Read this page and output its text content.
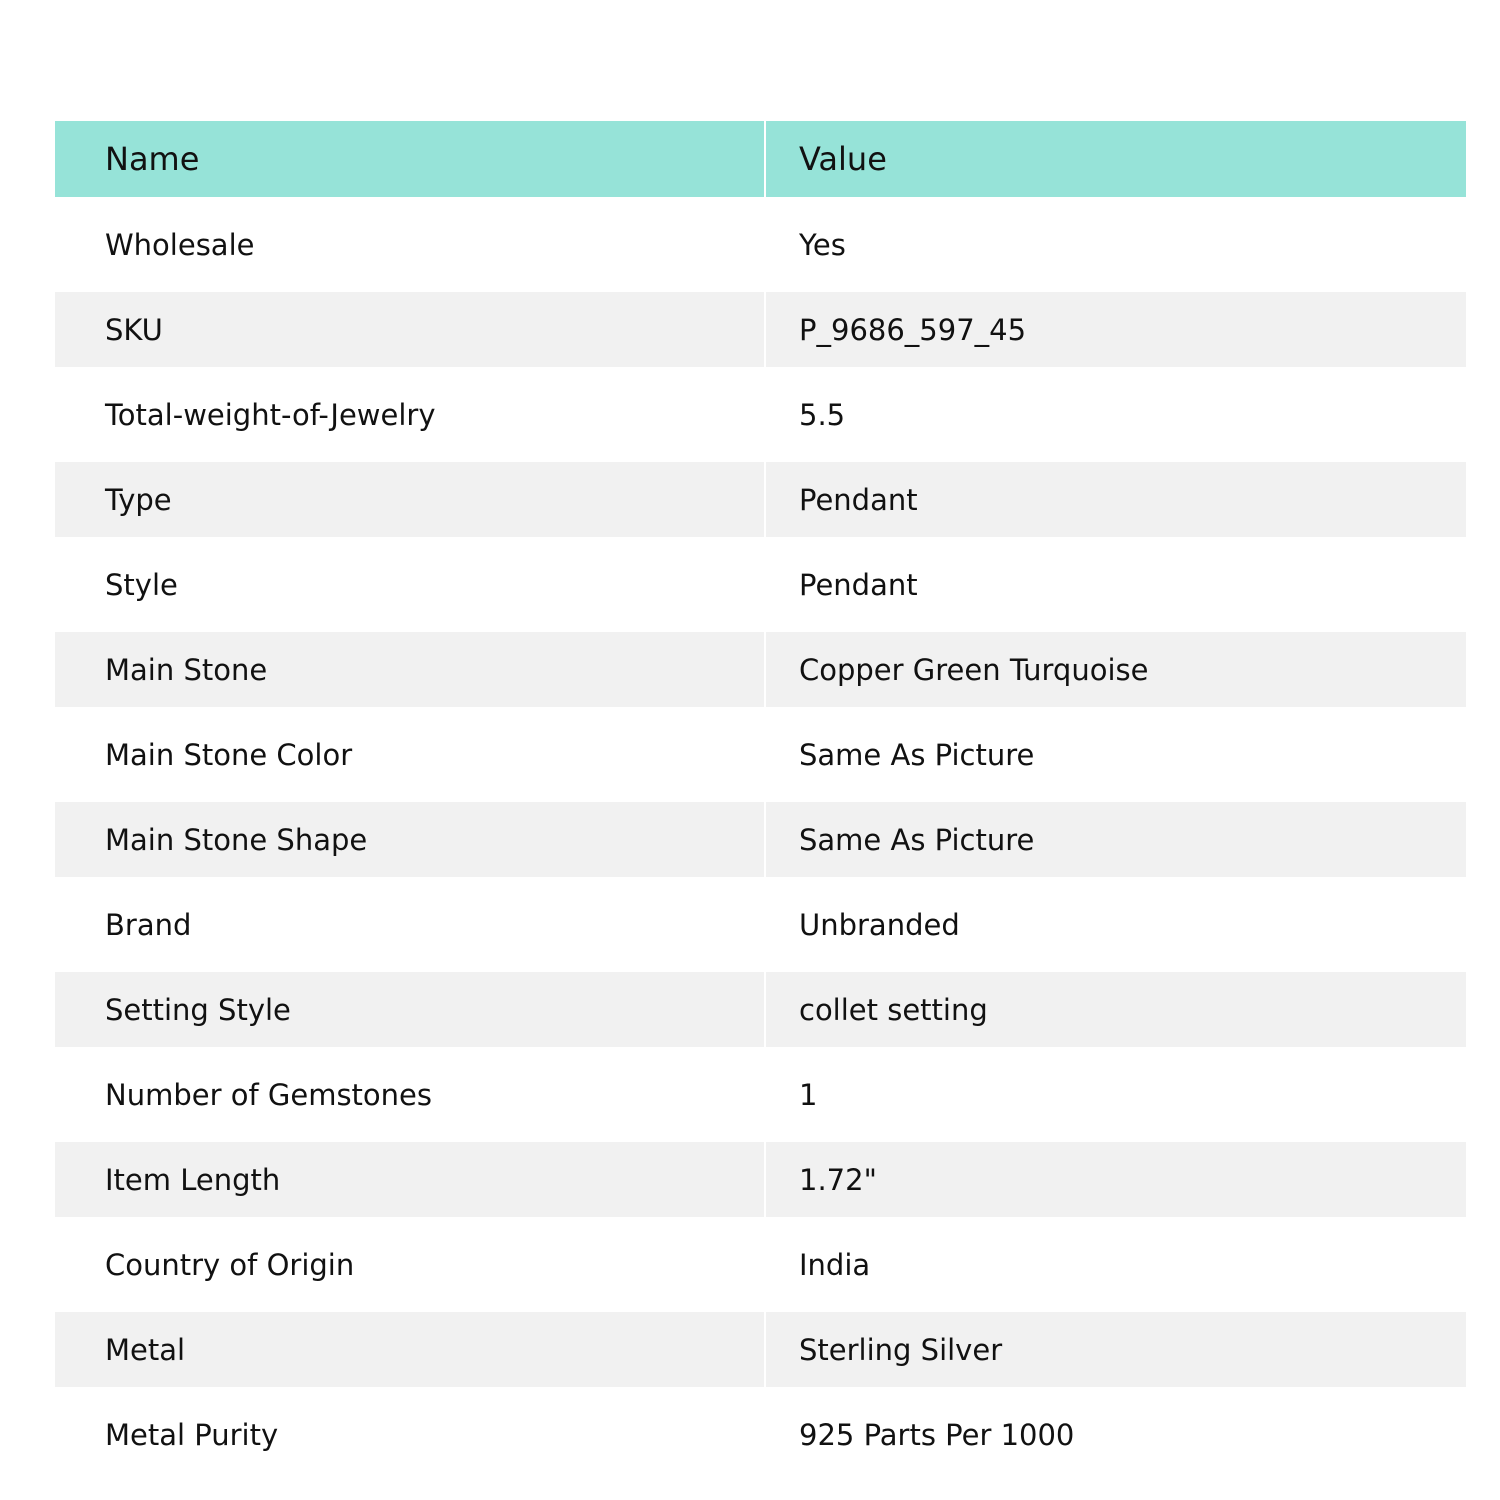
Name	Value
Wholesale	Yes
SKU	P_9686_597_45
Total-weight-of-Jewelry	5.5
Type	Pendant
Style	Pendant
Main Stone	Copper Green Turquoise
Main Stone Color	Same As Picture
Main Stone Shape	Same As Picture
Brand	Unbranded
Setting Style	collet setting
Number of Gemstones	1
Item Length	1.72"
Country of Origin	India
Metal	Sterling Silver
Metal Purity	925 Parts Per 1000
